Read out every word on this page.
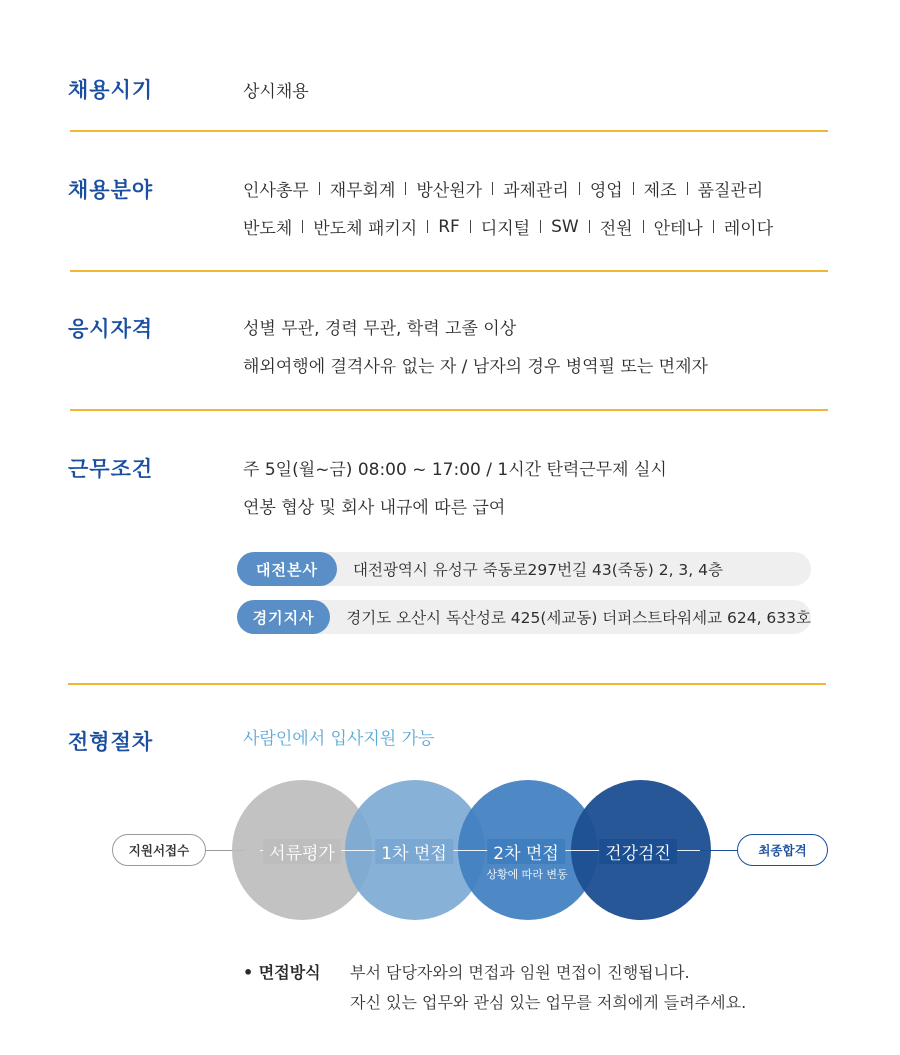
채용시기	상시채용
채용분야	인사총무 재무회계 방산원가 과제관리 영업 제조 품질관리
반도체 반도체 패키지 RF 디지털 SW 전원 안테나 레이다
응시자격	성별 무관, 경력 무관, 학력 고졸 이상
해외여행에 결격사유 없는 자 / 남자의 경우 병역필 또는 면제자
근무조건	주 5일(월~금) 08:00 ~ 17:00 / 1시간 탄력근무제 실시
연봉 협상 및 회사 내규에 따른 급여
대전본사	대전광역시 유성구 죽동로297번길 43(죽동) 2, 3, 4층
경기지사	경기도 오산시 독산성로 425(세교동) 더퍼스트타워세교 624, 633호
전형절차	사람인에서 입사지원 가능
서류평가	1차 면접	2차 면접
상황에 따라 변동
건강검진
지원서접수	최종합격
• 면접방식 부서 담당자와의 면접과 임원 면접이 진행됩니다.
자신 있는 업무와 관심 있는 업무를 저희에게 들려주세요.
